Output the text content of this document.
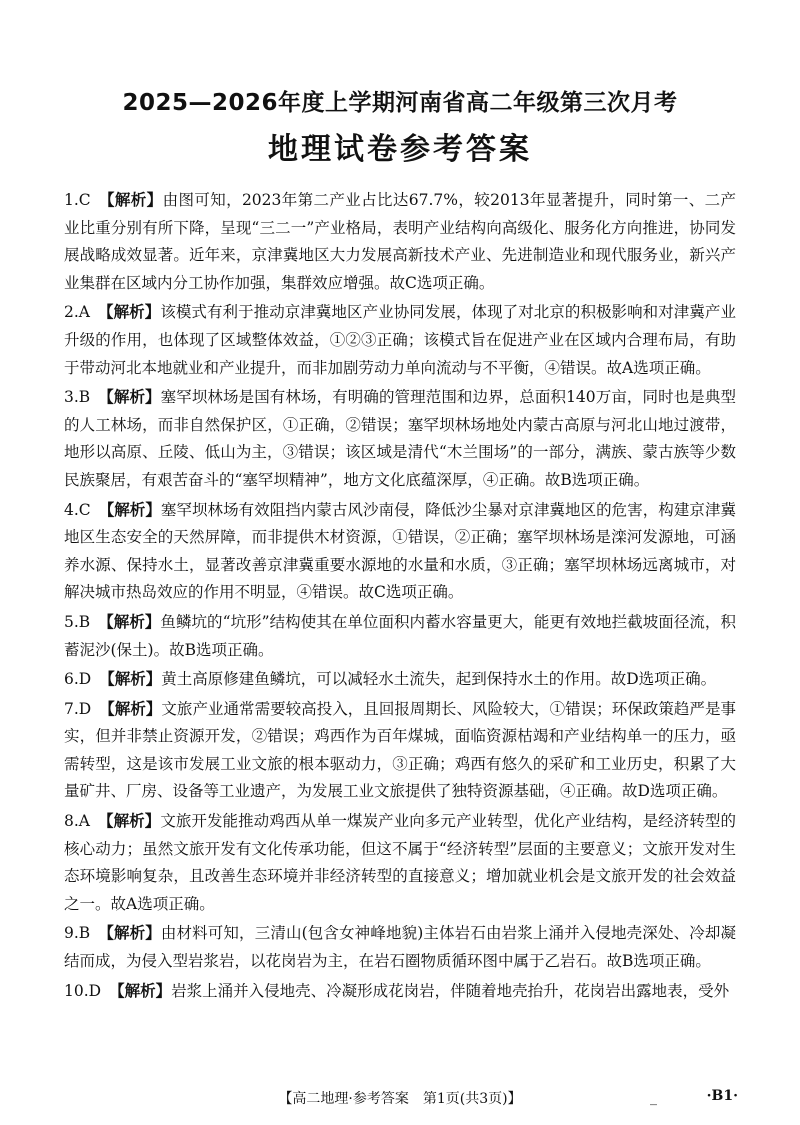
2025—2026年度上学期河南省高二年级第三次月考
地理试卷参考答案

1.C 【解析】由图可知，2023年第二产业占比达67.7%，较2013年显著提升，同时第一、二产业比重分别有所下降，呈现“三二一”产业格局，表明产业结构向高级化、服务化方向推进，协同发展战略成效显著。近年来，京津冀地区大力发展高新技术产业、先进制造业和现代服务业，新兴产业集群在区域内分工协作加强，集群效应增强。故C选项正确。

2.A 【解析】该模式有利于推动京津冀地区产业协同发展，体现了对北京的积极影响和对津冀产业升级的作用，也体现了区域整体效益，①②③正确；该模式旨在促进产业在区域内合理布局，有助于带动河北本地就业和产业提升，而非加剧劳动力单向流动与不平衡，④错误。故A选项正确。

3.B 【解析】塞罕坝林场是国有林场，有明确的管理范围和边界，总面积140万亩，同时也是典型的人工林场，而非自然保护区，①正确，②错误；塞罕坝林场地处内蒙古高原与河北山地过渡带，地形以高原、丘陵、低山为主，③错误；该区域是清代“木兰围场”的一部分，满族、蒙古族等少数民族聚居，有艰苦奋斗的“塞罕坝精神”，地方文化底蕴深厚，④正确。故B选项正确。

4.C 【解析】塞罕坝林场有效阻挡内蒙古风沙南侵，降低沙尘暴对京津冀地区的危害，构建京津冀地区生态安全的天然屏障，而非提供木材资源，①错误，②正确；塞罕坝林场是滦河发源地，可涵养水源、保持水土，显著改善京津冀重要水源地的水量和水质，③正确；塞罕坝林场远离城市，对解决城市热岛效应的作用不明显，④错误。故C选项正确。

5.B 【解析】鱼鳞坑的“坑形”结构使其在单位面积内蓄水容量更大，能更有效地拦截坡面径流，积蓄泥沙(保土)。故B选项正确。

6.D 【解析】黄土高原修建鱼鳞坑，可以减轻水土流失，起到保持水土的作用。故D选项正确。

7.D 【解析】文旅产业通常需要较高投入，且回报周期长、风险较大，①错误；环保政策趋严是事实，但并非禁止资源开发，②错误；鸡西作为百年煤城，面临资源枯竭和产业结构单一的压力，亟需转型，这是该市发展工业文旅的根本驱动力，③正确；鸡西有悠久的采矿和工业历史，积累了大量矿井、厂房、设备等工业遗产，为发展工业文旅提供了独特资源基础，④正确。故D选项正确。

8.A 【解析】文旅开发能推动鸡西从单一煤炭产业向多元产业转型，优化产业结构，是经济转型的核心动力；虽然文旅开发有文化传承功能，但这不属于“经济转型”层面的主要意义；文旅开发对生态环境影响复杂，且改善生态环境并非经济转型的直接意义；增加就业机会是文旅开发的社会效益之一。故A选项正确。

9.B 【解析】由材料可知，三清山(包含女神峰地貌)主体岩石由岩浆上涌并入侵地壳深处、冷却凝结而成，为侵入型岩浆岩，以花岗岩为主，在岩石圈物质循环图中属于乙岩石。故B选项正确。

10.D 【解析】岩浆上涌并入侵地壳、冷凝形成花岗岩，伴随着地壳抬升，花岗岩出露地表，受外

【高二地理·参考答案　第1页(共3页)】	_	·B1·
